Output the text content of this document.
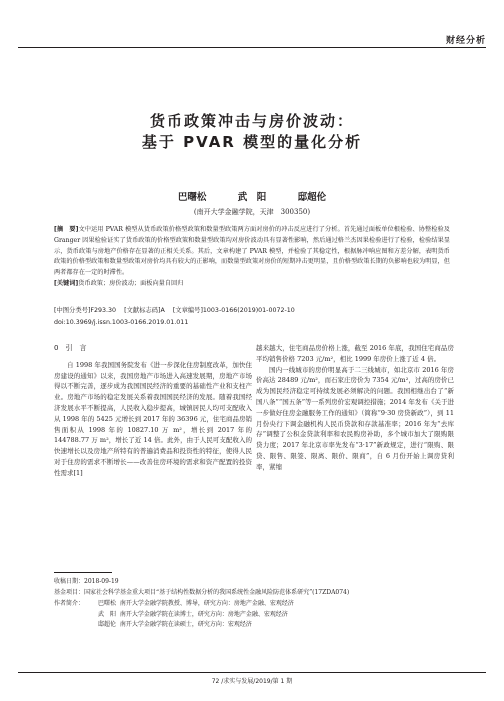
财经分析
货币政策冲击与房价波动：
基于 PVAR 模型的量化分析
巴曙松	武　阳	邸超伦
(南开大学金融学院，天津　300350)
[摘　要]文中运用 PVAR 模型从货币政策价格型政策和数量型政策两方面对房价的冲击反应进行了分析。首先通过面板单位根检验、协整检验及 Granger 因果检验证实了货币政策的价格型政策和数量型政策均对房价波动具有显著性影响，然后通过格兰杰因果检验进行了检验，检验结果显示，货币政策与房地产价格存在显著的正相关关系。其后，文章构建了 PVAR 模型，并检验了其稳定性，根据脉冲响应图和方差分解，表明货币政策的价格型政策和数量型政策对房价均具有较大的正影响，而数量型政策对房价的短期冲击更明显，且价格型政策长期的负影响也较为明显，但两者都存在一定的时滞性。
[关键词]货币政策；房价波动；面板向量自回归
[中图分类号]F293.30 [文献标志码]A [文章编号]1003-0166(2019)01-0072-10
doi:10.3969/j.issn.1003-0166.2019.01.011
0　引　言

自 1998 年我国国务院发布《进一步深化住房制度改革，加快住房建设的通知》以来，我国房地产市场进入高速发展期，房地产市场得以不断完善，逐步成为我国国民经济的重要的基础性产业和支柱产业。房地产市场的稳定发展关系着我国国民经济的发展。随着我国经济发展水平不断提高，人民收入稳步提高，城镇居民人均可支配收入从 1998 年的 5425 元增长到 2017 年的 36396 元，住宅商品房销售面积从 1998 年的 10827.10 万 m²，增长到 2017 年的 144788.77 万 m²，增长了近 14 倍。此外，由于人民可支配收入的快速增长以及房地产所特有的普遍消费品和投资性的特征，使得人民对于住房的需求不断增长——改善住房环境的需求和资产配置的投资性需求[1]

越来越大，住宅商品房价格上涨，截至 2016 年底，我国住宅商品房平均销售价格 7203 元/m²，相比 1999 年房价上涨了近 4 倍。

国内一线城市的房价明显高于二三线城市，如北京市 2016 年房价高达 28489 元/m²，而石家庄房价为 7354 元/m²，过高的房价已成为国民经济稳定可持续发展必须解决的问题。我国相继出台了“新国八条”“国五条”等一系列房价宏观调控措施；2014 年发布《关于进一步做好住房金融服务工作的通知》（简称“9·30 房贷新政”），到 11 月份央行下调金融机构人民币贷款和存款基准率；2016 年为“去库存”调整了公积金贷款利率和农民购房补助，多个城市加大了限购限贷力度；2017 年北京市率先发布“3·17”新政规定，进行“限购、限贷、限售、限签、限离、限价、限商”，自 6 月份开始上调房贷利率，紧缩

收稿日期：2018-09-19
基金项目：国家社会科学基金重大项目“基于结构性数据分析的我国系统性金融风险防范体系研究”(17ZDA074)
作者简介：	巴曙松
南开大学金融学院教授、博导，研究方向：房地产金融、宏观经济
武　阳
南开大学金融学院在读博士，研究方向：房地产金融、宏观经济
邸超伦
南开大学金融学院在读硕士，研究方向：宏观经济
72 /求实与发展/2019/第 1 期
